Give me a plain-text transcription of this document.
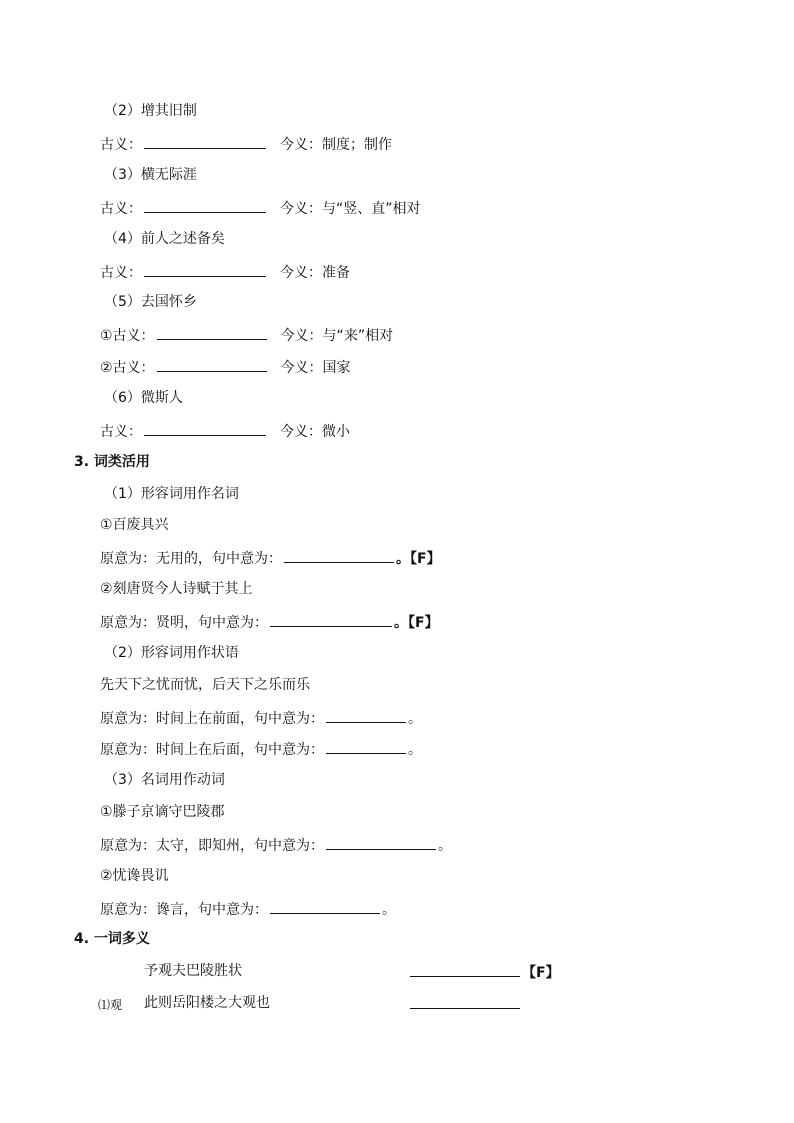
（2）增其旧制
古义：	今义：制度；制作
（3）横无际涯
古义：	今义：与“竖、直”相对
（4）前人之述备矣
古义：	今义：准备
（5）去国怀乡
①古义：	今义：与“来”相对
②古义：	今义：国家
（6）微斯人
古义：	今义：微小
3. 词类活用
（1）形容词用作名词
①百废具兴
原意为：无用的，句中意为：	。【F】
②刻唐贤今人诗赋于其上
原意为：贤明，句中意为：	。【F】
（2）形容词用作状语
先天下之忧而忧，后天下之乐而乐
原意为：时间上在前面，句中意为：	。
原意为：时间上在后面，句中意为：	。
（3）名词用作动词
①滕子京谪守巴陵郡
原意为：太守，即知州，句中意为：	。
②忧谗畏讥
原意为：谗言，句中意为：	。
4. 一词多义
予观夫巴陵胜状	【F】
⑴观 此则岳阳楼之大观也
